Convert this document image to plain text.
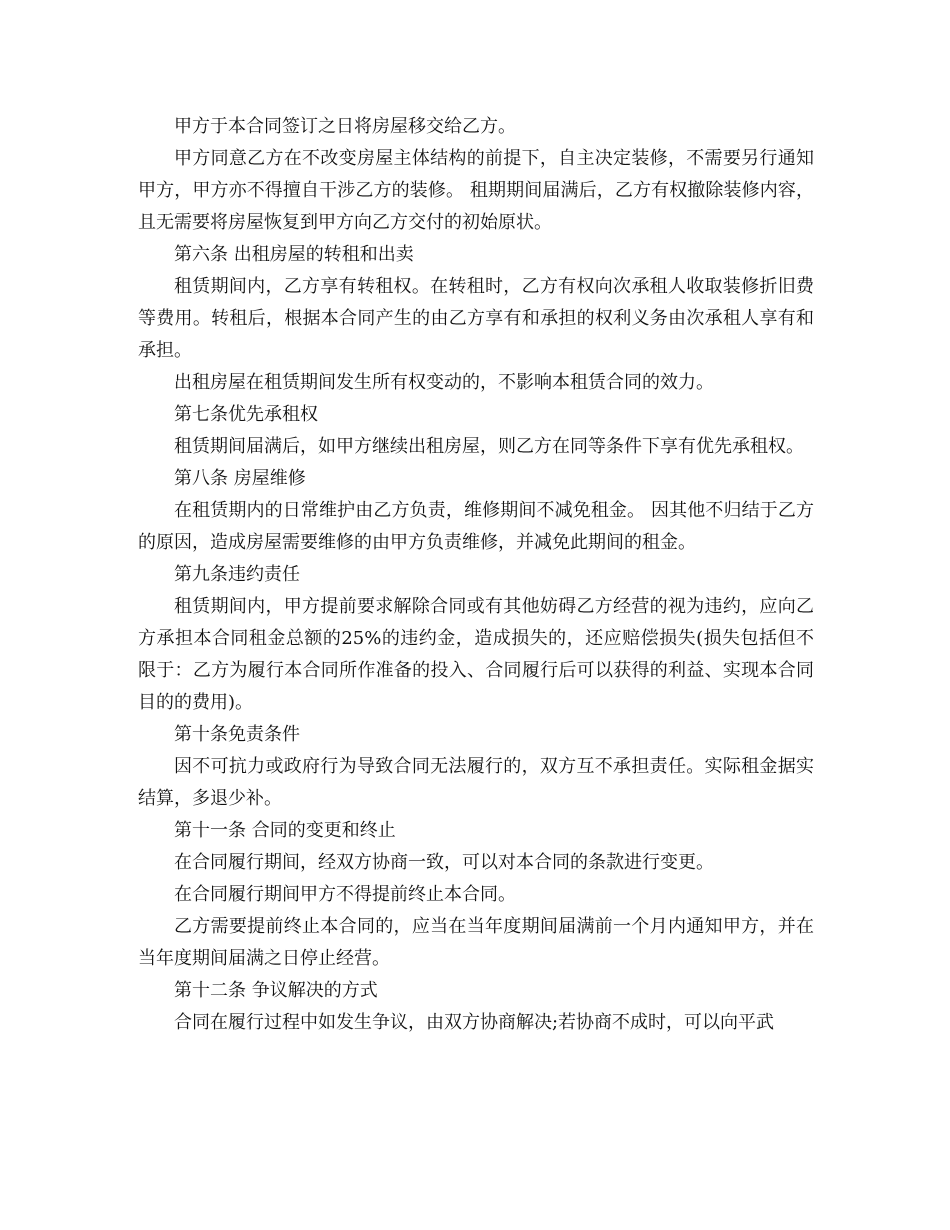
甲方于本合同签订之日将房屋移交给乙方。

甲方同意乙方在不改变房屋主体结构的前提下，自主决定装修，不需要另行通知甲方，甲方亦不得擅自干涉乙方的装修。 租期期间届满后，乙方有权撤除装修内容，且无需要将房屋恢复到甲方向乙方交付的初始原状。

第六条 出租房屋的转租和出卖

租赁期间内，乙方享有转租权。在转租时，乙方有权向次承租人收取装修折旧费等费用。转租后，根据本合同产生的由乙方享有和承担的权利义务由次承租人享有和承担。

出租房屋在租赁期间发生所有权变动的，不影响本租赁合同的效力。

第七条优先承租权

租赁期间届满后，如甲方继续出租房屋，则乙方在同等条件下享有优先承租权。

第八条 房屋维修

在租赁期内的日常维护由乙方负责，维修期间不减免租金。 因其他不归结于乙方的原因，造成房屋需要维修的由甲方负责维修，并减免此期间的租金。

第九条违约责任

租赁期间内，甲方提前要求解除合同或有其他妨碍乙方经营的视为违约，应向乙方承担本合同租金总额的25%的违约金，造成损失的，还应赔偿损失(损失包括但不限于：乙方为履行本合同所作准备的投入、合同履行后可以获得的利益、实现本合同目的的费用)。

第十条免责条件

因不可抗力或政府行为导致合同无法履行的，双方互不承担责任。实际租金据实结算，多退少补。

第十一条 合同的变更和终止

在合同履行期间，经双方协商一致，可以对本合同的条款进行变更。

在合同履行期间甲方不得提前终止本合同。

乙方需要提前终止本合同的，应当在当年度期间届满前一个月内通知甲方，并在当年度期间届满之日停止经营。

第十二条 争议解决的方式

合同在履行过程中如发生争议，由双方协商解决;若协商不成时，可以向平武
